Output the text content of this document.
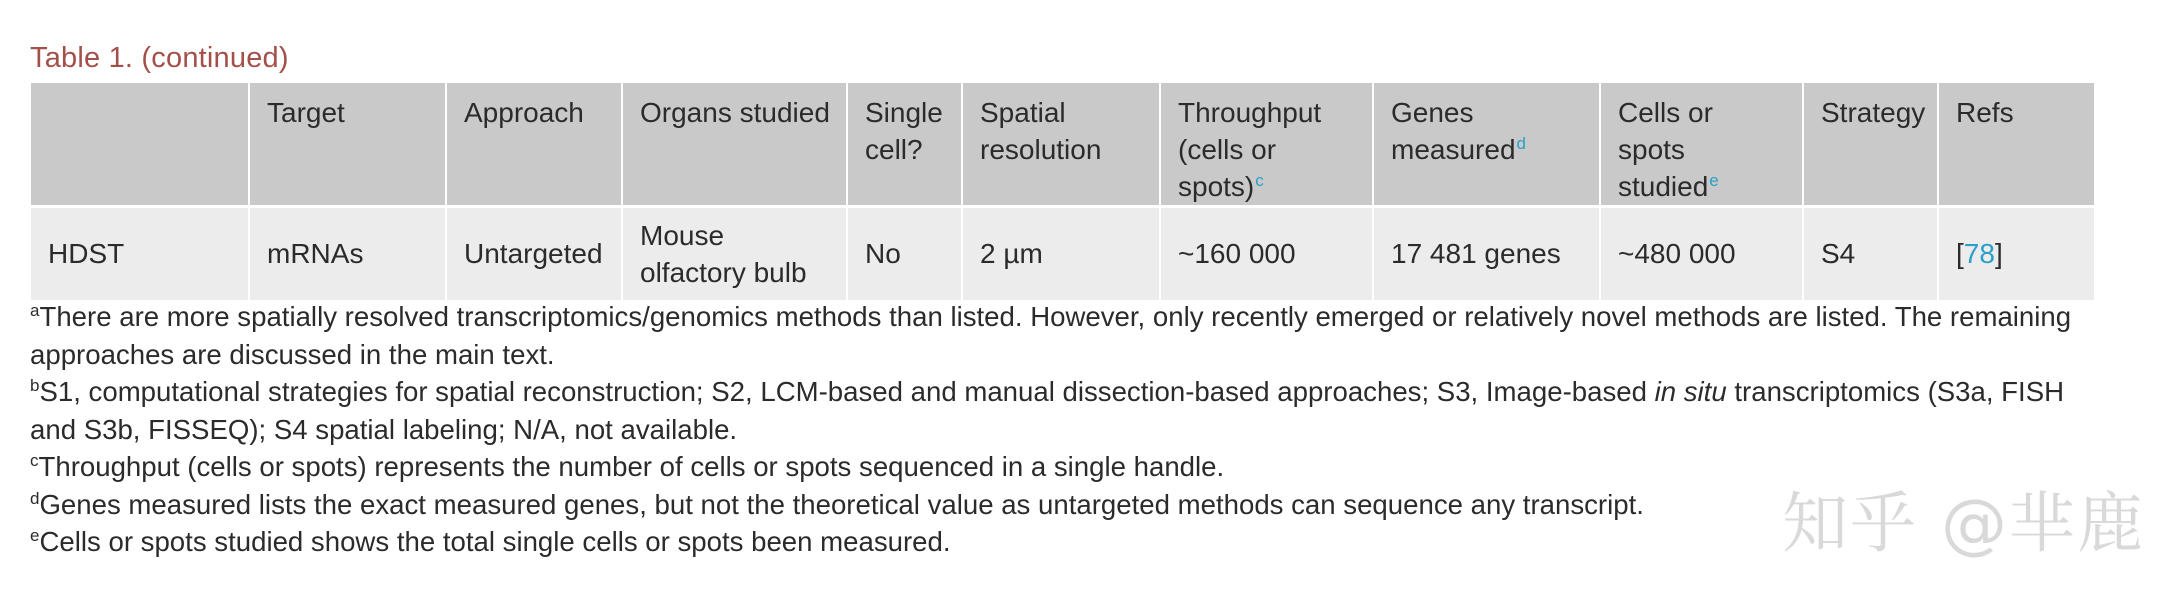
Table 1. (continued)
	Target	Approach	Organs studied	Single cell?	Spatial resolution	Throughput (cells or spots)$^c$	Genes measured$^d$	Cells or spots studied$^e$	Strategy	Refs
HDST	mRNAs	Untargeted	Mouse olfactory bulb	No	2 µm	~160 000	17 481 genes	~480 000	S4	[78]

$^a$There are more spatially resolved transcriptomics/genomics methods than listed. However, only recently emerged or relatively novel methods are listed. The remaining approaches are discussed in the main text.

$^b$S1, computational strategies for spatial reconstruction; S2, LCM-based and manual dissection-based approaches; S3, Image-based in situ transcriptomics (S3a, FISH and S3b, FISSEQ); S4 spatial labeling; N/A, not available.

$^c$Throughput (cells or spots) represents the number of cells or spots sequenced in a single handle.

$^d$Genes measured lists the exact measured genes, but not the theoretical value as untargeted methods can sequence any transcript.

$^e$Cells or spots studied shows the total single cells or spots been measured.	知乎 @芈鹿
